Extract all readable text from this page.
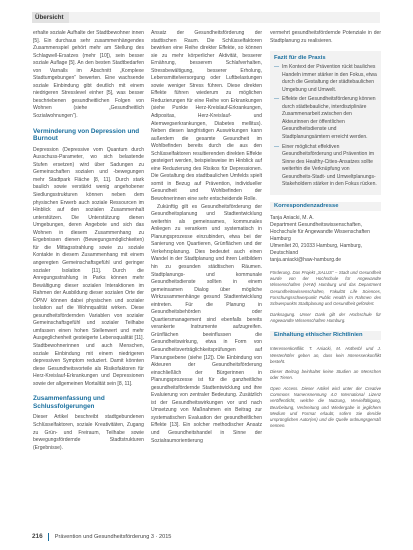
Übersicht

erhalte soziale Aufhalte der Stadtbewohner innen [5]. Ein durchaus sehr zusammenhängendes Zusammenspiel gehört mehr am Stellung des Schlagwell-Ersatzes (mehr [10]), sein besser soziale Auflage [5]. An den besten Stadtbedarfen von Varnalls im Abschnitt „Komplexe Stadtumgebungen“ bewerten. Eine wachsende soziale Einbindung gibt deutlich mit einem niedrigeren Stresslevel einher [5], was besser beschriebenen gesundheitlichen Folgen von Wohnen (siehe „Gesundheitlich Sozialwohnungen“).

Verminderung von Depression und Burnout

Depression (Depressive vom Quantum durch Ausschuss-Parameter, wo sich belastende Stufen ersetzen) wird über Sadungen zu Gemeinschaften sozialen und -bewegungen mehr Stadtpark Fläche [8, 11]. Durch stark baulich sowie verstärkt wenig angehobener Siedlungsstrukturen können neben dem physischen Erwerb auch soziale Ressourcen im Hinblick auf den sozialen Zusammenhalt unterstützen. Die Unterstützung dienen Umgebungen, deren Angebote und sich das Wohnen in diesem Zusammenhang zu Ergebnissen dienen (Bewegungsmöglichkeiten) für die Mittagsstrahlung sowie zu soziale Kontakte in diesem Zusammenhang mit einem angeregten Gemeinschaftsgefühl und geringer sozialer Isolation [11]. Durch die Anregungsstrahlung in Parks können mehr Bewältigung dieser sozialen Interaktionen im Rahmen der Ausbildung dieser sozialen Orte der ÖPNV können dabei physischen und sozialer Isolation auf die Wohnqualität wirken. Diese gesundheitsfördernden Variablen von sozialer Gemeinschaftsgefühl und sozialer Teilhabe umfassen einen hohen Stellenwert und mehr Ausgeglichenheit gesteigerte Lebensqualität [11]. Stadtbewohnerinnen und auch Menschen, soziale Einbindung mit einem niedrigeren depressiven Symptom reduziert. Damit könnten diese Gesundheitsvorteile als Risikofaktoren für Herz-Kreislauf-Erkrankungen und Depressionen sowie der allgemeinen Mortalität sein [8, 11].

Zusammenfassung und Schlussfolgerungen

Dieser Artikel beschreibt stadtgebundenen Schlüsselfaktoren, soziale Kreativitäten, Zugang zu Grün- und Freiraum, Teilhabe sowie bewegungsfördernde Stadtstrukturen (Ergebnisse).

Ansatz der Gesundheitsförderung der stadtischen Raum. Die Schlüsselfaktoren bewirken eine Reihe direkter Effekte, so können sie zu mehr körperlicher Aktivität, besserer Ernährung, besserem Schlafverhalten, Stressbewältigung, besserer Erholung, Lebensmittelversorgung oder Luftbelastungen sowie weniger Stress führen. Diese direkten Effekte führen wiederum zu möglichen Reduzierungen für eine Reihe von Erkrankungen (siehe Punkte Herz-Kreislauf-Erkrankungen, Adipositas, Herz-Kreislauf- und Atemwegserkrankungen, Diabetes mellitus). Neben diesen langfristigen Auswirkungen kann außerdem die gesamte Gesundheit im Wohlbefinden bereits durch die aus den Schlüsselfaktoren resultierenden direkten Effekte gesteigert werden, beispielsweise im Hinblick auf eine Reduzierung des Risikos für Depressionen. Die Gestaltung des stadtbaulichen Umfelds spielt somit in Bezug auf Prävention, individueller Gesundheit und Wohlbefinden der Bewohnerinnen eine sehr entscheidende Rolle.

Zukünftig gilt es Gesundheitsförderung der Gesundheitsplanung und Stadtentwicklung weiterhin als gemeinsames, kommunales Anliegen zu verankern und systematisch in Planungsprozesse einzubinden, etwa bei der Sanierung von Quartieren, Grünflächen und der Verkehrsplanung. Dies bedeutet auch einen Wandel in der Stadtplanung und ihren Leitbildern hin zu gesunden städtischen Räumen. Stadtplanungs- und kommunale Gesundheitsdienste sollten in einem gemeinsamen Dialog über mögliche Wirkzusammenhänge gesund Stadtentwicklung eintreten. Für die Planung in Gesundheitsbehörden oder Quartiersmanagement sind ebenfalls bereits verankerte Instrumente aufzugreifen. Grünflächen beeinflussen die Gesundheitswirkung, etwa in Form von Gesundheitsverträglichkeitsprüfungen auf Planungsebene (siehe [12]). Die Einbindung von Akteuren der Gesundheitsförderung einschließlich der Bürgerinnen in Planungsprozesse ist für die ganzheitliche gesundheitsfördernde Stadtentwicklung und ihre Evaluierung von zentraler Bedeutung. Zusätzlich ist der Gesundheitswirkungen vor und nach Umsetzung von Maßnahmen ein Beitrag zur systematischen Evaluation der gesundheitlichen Effekte [13]. Ein solcher methodischer Ansatz und Gesundheitshandel in Sinne der Sozialraumorientierung

vermehrt gesundheitsfördernde Potenziale in der Stadtplanung zu realisieren.

Fazit für die Praxis
— Im Kontext der Prävention rückt bauliches Handeln immer stärker in den Fokus, etwa durch die Gestaltung der städtebaulichen Umgebung und Umwelt.
— Effekte der Gesundheitsförderung können durch städtebauliche, interdisziplinäre Zusammenarbeit zwischen den Akteurinnen der öffentlichen Gesundheitsdienste und Stadtplanungsämtern erreicht werden.
— Einer möglichst effektiven Gesundheitsförderung und Prävention im Sinne des Healthy-Cities-Ansatzes sollte weiterhin die Verknüpfung von Gesundheits-Stadt- und Umweltplanungs-Stakeholdern stärker in den Fokus rücken.
Korrespondenzadresse
Tanja Aniacki, M. A.
Department Gesundheitswissenschaften,
Hochschule für Angewandte Wissenschaften
Hamburg
Ulmenliet 20, 21033 Hamburg, Hamburg,
Deutschland
tanja.aniacki@haw-hamburg.de

Förderung. Das Projekt „SALUS“ – Stadt und Gesundheit wurde von der Hochschule für Angewandte Wissenschaften (HAW) Hamburg und das Department Gesundheitswissenschaften, Fakultät Life Sciences, Forschungsschwerpunkt Public Health im Rahmen des Schwerpunkts Stadtplanung und Gesundheit gefördert.

Danksagung. Unser Dank gilt der Hochschule für Angewandte Wissenschaften Hamburg.

Einhaltung ethischer Richtlinien

Interessenkonflikt. T. Aniacki, M. Hotherbl und J. Westenhöfer geben an, dass kein Interessenkonflikt besteht.

Dieser Beitrag beinhaltet keine Studien an Menschen oder Tieren.

Open Access. Dieser Artikel wird unter der Creative Commons Namensnennung 4.0 International Lizenz veröffentlicht, welche die Nutzung, Vervielfältigung, Bearbeitung, Verbreitung und Wiedergabe in jeglichem Medium und Format erlaubt, sofern Sie den/die ursprünglichen Autor(en) und die Quelle ordnungsgemäß nennen.

216 Prävention und Gesundheitsförderung 3 · 2015
